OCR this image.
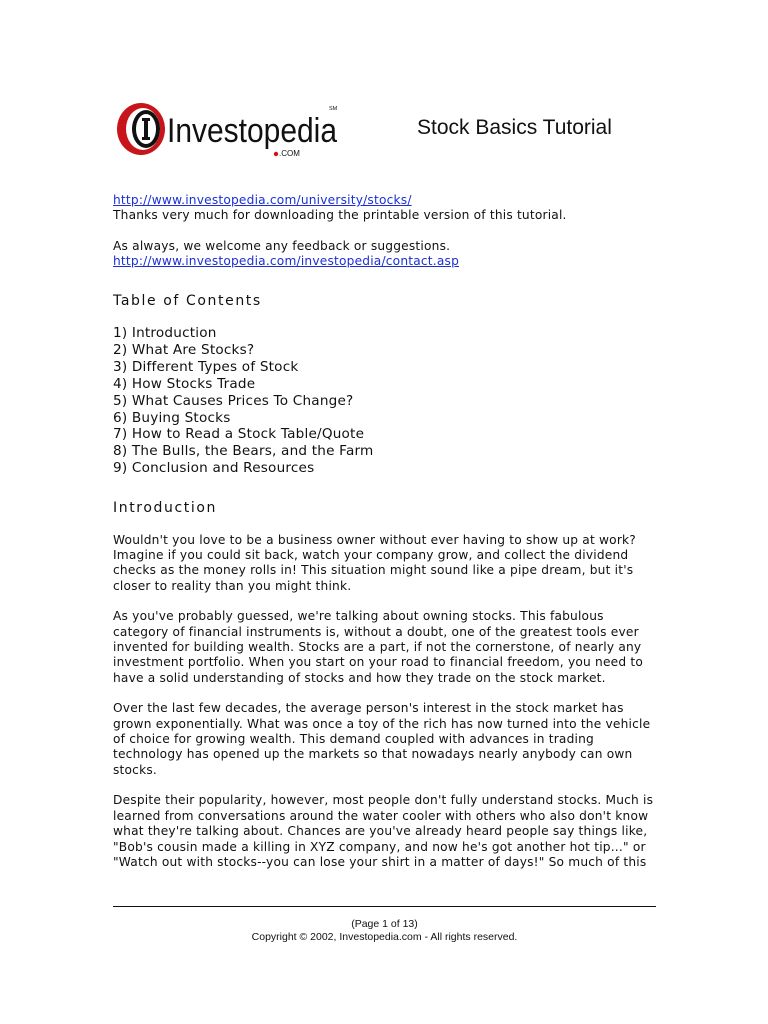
Investopedia
.COM
SM
Stock Basics Tutorial
http://www.investopedia.com/university/stocks/
Thanks very much for downloading the printable version of this tutorial.
As always, we welcome any feedback or suggestions.
http://www.investopedia.com/investopedia/contact.asp
Table of Contents
1) Introduction
2) What Are Stocks?
3) Different Types of Stock
4) How Stocks Trade
5) What Causes Prices To Change?
6) Buying Stocks
7) How to Read a Stock Table/Quote
8) The Bulls, the Bears, and the Farm
9) Conclusion and Resources
Introduction
Wouldn't you love to be a business owner without ever having to show up at work?
Imagine if you could sit back, watch your company grow, and collect the dividend
checks as the money rolls in! This situation might sound like a pipe dream, but it's
closer to reality than you might think.
As you've probably guessed, we're talking about owning stocks. This fabulous
category of financial instruments is, without a doubt, one of the greatest tools ever
invented for building wealth. Stocks are a part, if not the cornerstone, of nearly any
investment portfolio. When you start on your road to financial freedom, you need to
have a solid understanding of stocks and how they trade on the stock market.
Over the last few decades, the average person's interest in the stock market has
grown exponentially. What was once a toy of the rich has now turned into the vehicle
of choice for growing wealth. This demand coupled with advances in trading
technology has opened up the markets so that nowadays nearly anybody can own
stocks.
Despite their popularity, however, most people don't fully understand stocks. Much is
learned from conversations around the water cooler with others who also don't know
what they're talking about. Chances are you've already heard people say things like,
"Bob's cousin made a killing in XYZ company, and now he's got another hot tip..." or
"Watch out with stocks--you can lose your shirt in a matter of days!" So much of this
(Page 1 of 13)
Copyright © 2002, Investopedia.com - All rights reserved.
